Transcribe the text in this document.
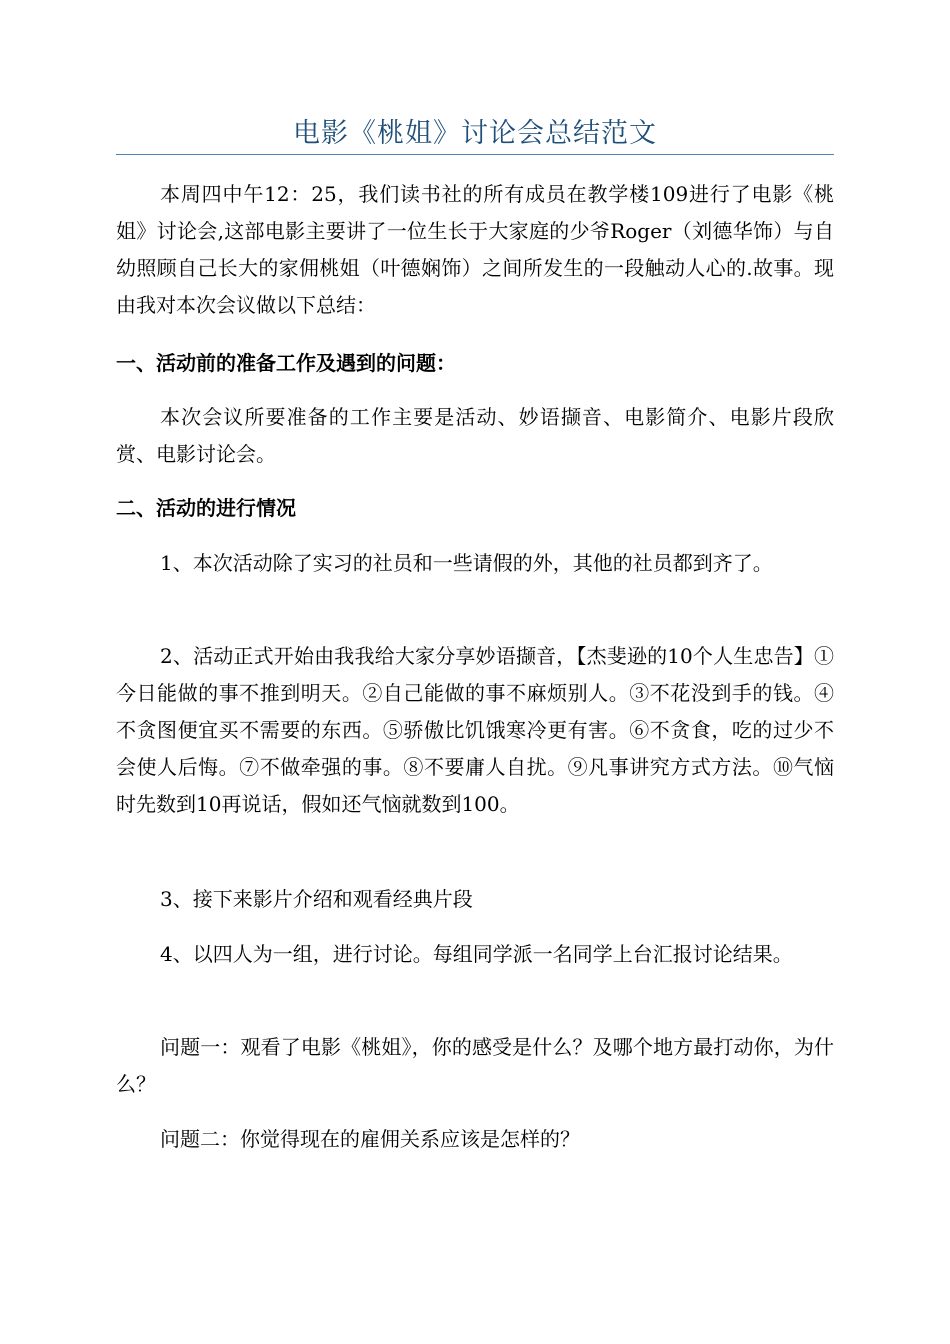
电影《桃姐》讨论会总结范文

本周四中午12：25，我们读书社的所有成员在教学楼109进行了电影《桃姐》讨论会,这部电影主要讲了一位生长于大家庭的少爷Roger（刘德华饰）与自幼照顾自己长大的家佣桃姐（叶德娴饰）之间所发生的一段触动人心的.故事。现由我对本次会议做以下总结：

一、活动前的准备工作及遇到的问题：

本次会议所要准备的工作主要是活动、妙语撷音、电影简介、电影片段欣赏、电影讨论会。

二、活动的进行情况

1、本次活动除了实习的社员和一些请假的外，其他的社员都到齐了。

2、活动正式开始由我我给大家分享妙语撷音，【杰斐逊的10个人生忠告】①今日能做的事不推到明天。②自己能做的事不麻烦别人。③不花没到手的钱。④不贪图便宜买不需要的东西。⑤骄傲比饥饿寒冷更有害。⑥不贪食，吃的过少不会使人后悔。⑦不做牵强的事。⑧不要庸人自扰。⑨凡事讲究方式方法。⑩气恼时先数到10再说话，假如还气恼就数到100。

3、接下来影片介绍和观看经典片段

4、以四人为一组，进行讨论。每组同学派一名同学上台汇报讨论结果。

问题一：观看了电影《桃姐》，你的感受是什么？及哪个地方最打动你，为什么？

问题二：你觉得现在的雇佣关系应该是怎样的？
